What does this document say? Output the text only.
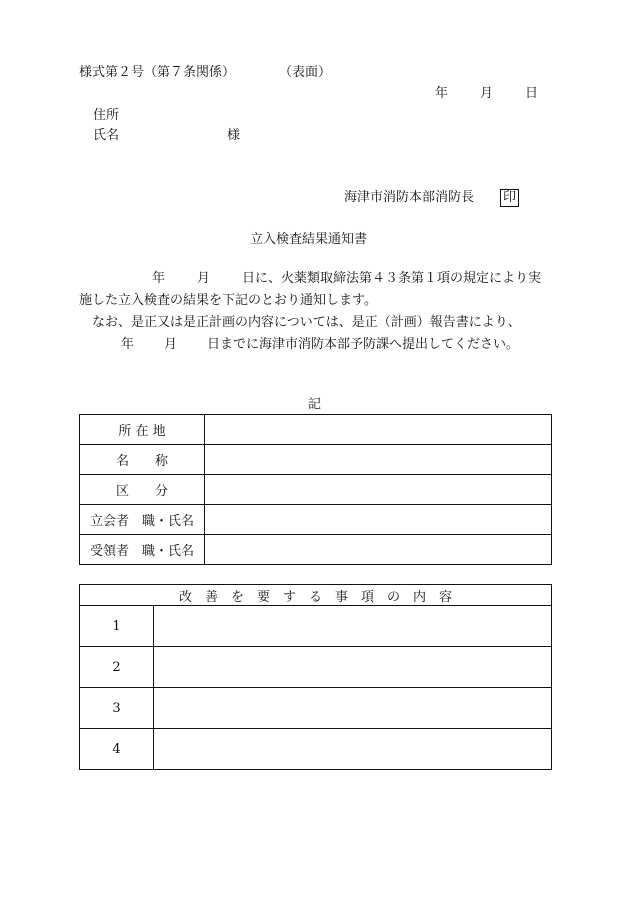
様式第２号（第７条関係）	（表面）
年 月 日
住所
氏名	様
海津市消防本部消防長 印
立入検査結果通知書
年 月 日に、火薬類取締法第４３条第１項の規定により実施した立入検査の結果を下記のとおり通知します。
なお、是正又は是正計画の内容については、是正（計画）報告書により、年 月 日までに海津市消防本部予防課へ提出してください。
記
所 在 地	
名　　称	
区　　分	
立会者　職・氏名	
受領者　職・氏名	
改　善　を　要　す　る　事　項　の　内　容	
1	
2	
3	
4	
